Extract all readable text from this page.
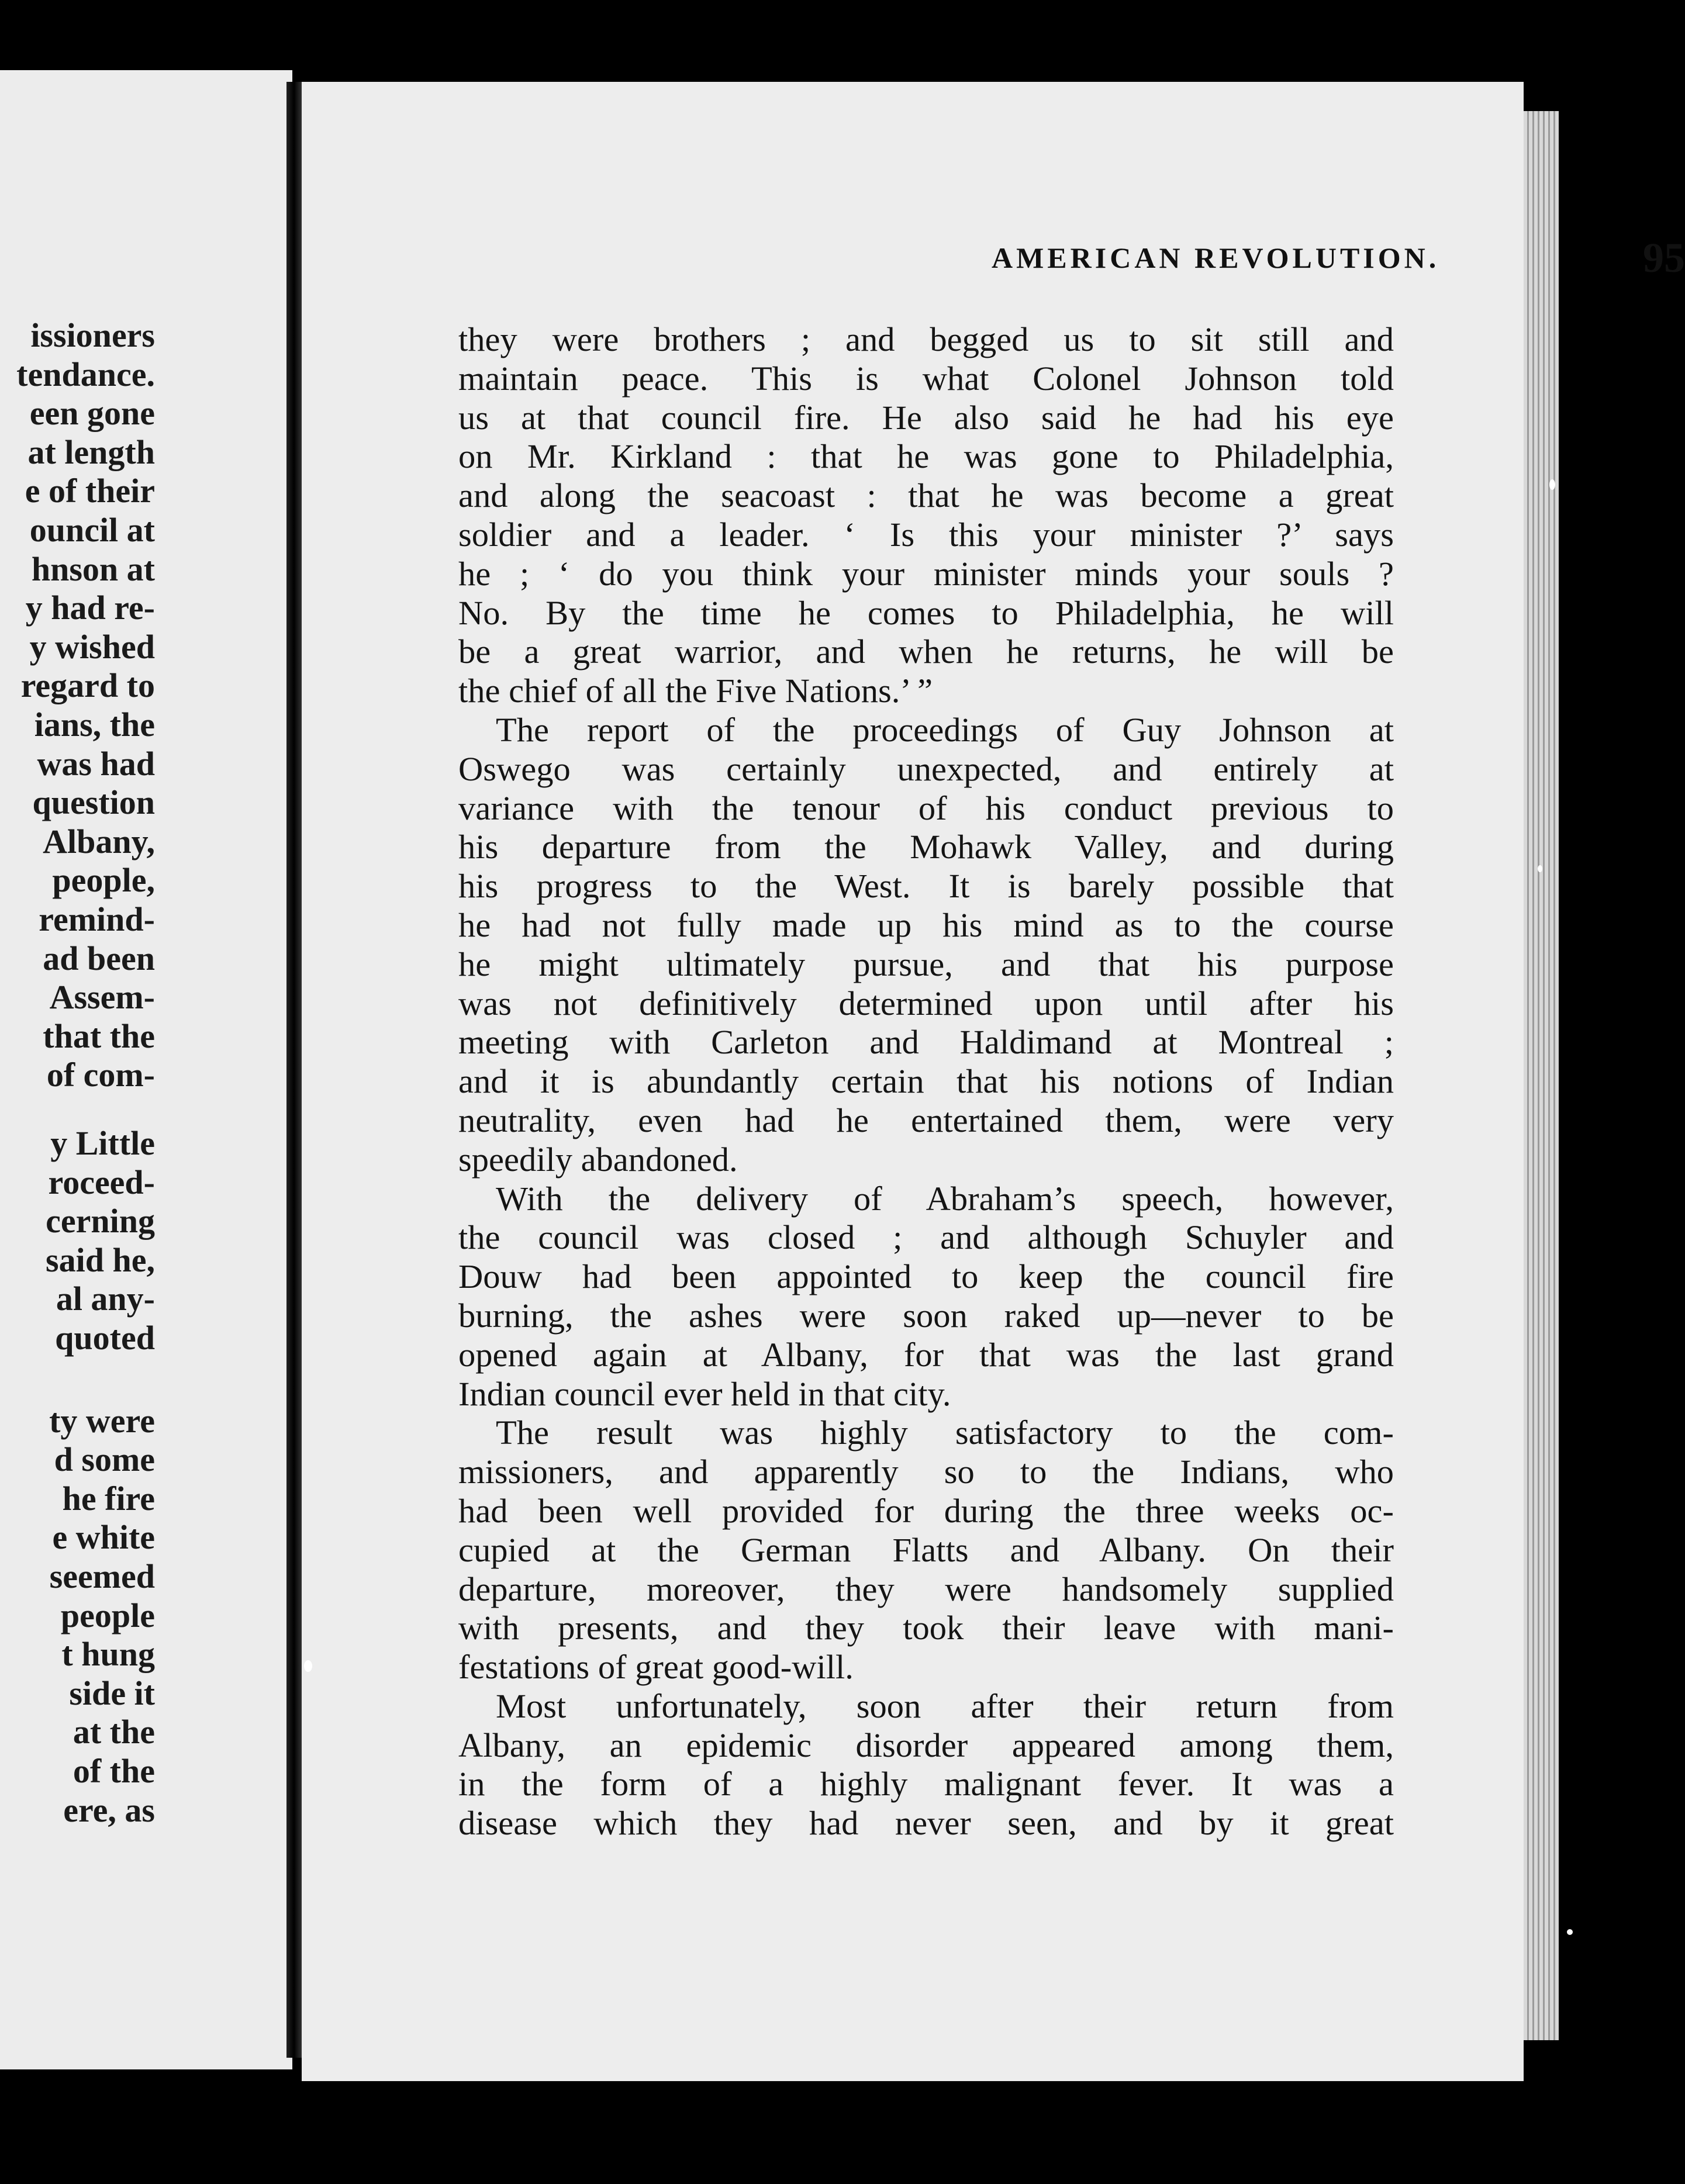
issioners
tendance.
een gone
at length
e of their
ouncil at
hnson at
y had re-
y wished
regard to
ians, the
was had
question
Albany,
people,
remind-
ad been
Assem-
that the
of com-
y Little
roceed-
cerning
said he,
al any-
quoted
ty were
d some
he fire
e white
seemed
people
t hung
side it
at the
of the
ere, as
AMERICAN REVOLUTION.	95
they were brothers ; and begged us to sit still and
maintain peace. This is what Colonel Johnson told
us at that council fire. He also said he had his eye
on Mr. Kirkland : that he was gone to Philadelphia,
and along the seacoast : that he was become a great
soldier and a leader. ‘ Is this your minister ?’ says
he ; ‘ do you think your minister minds your souls ?
No. By the time he comes to Philadelphia, he will
be a great warrior, and when he returns, he will be
the chief of all the Five Nations.’ ”
The report of the proceedings of Guy Johnson at
Oswego was certainly unexpected, and entirely at
variance with the tenour of his conduct previous to
his departure from the Mohawk Valley, and during
his progress to the West. It is barely possible that
he had not fully made up his mind as to the course
he might ultimately pursue, and that his purpose
was not definitively determined upon until after his
meeting with Carleton and Haldimand at Montreal ;
and it is abundantly certain that his notions of Indian
neutrality, even had he entertained them, were very
speedily abandoned.
With the delivery of Abraham’s speech, however,
the council was closed ; and although Schuyler and
Douw had been appointed to keep the council fire
burning, the ashes were soon raked up—never to be
opened again at Albany, for that was the last grand
Indian council ever held in that city.
The result was highly satisfactory to the com-
missioners, and apparently so to the Indians, who
had been well provided for during the three weeks oc-
cupied at the German Flatts and Albany. On their
departure, moreover, they were handsomely supplied
with presents, and they took their leave with mani-
festations of great good-will.
Most unfortunately, soon after their return from
Albany, an epidemic disorder appeared among them,
in the form of a highly malignant fever. It was a
disease which they had never seen, and by it great
